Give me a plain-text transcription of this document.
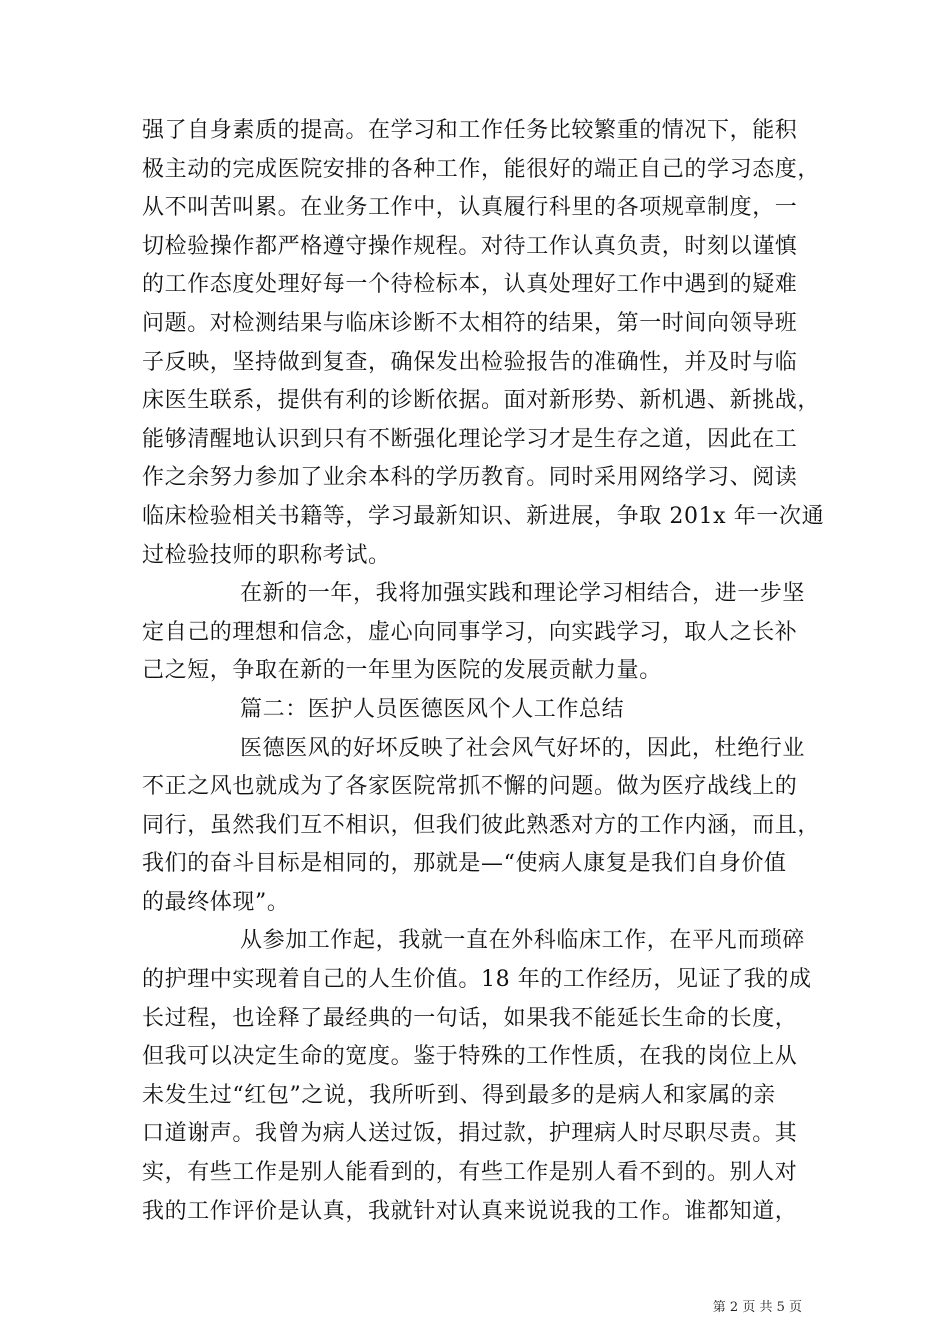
强了自身素质的提高。在学习和工作任务比较繁重的情况下，能积
极主动的完成医院安排的各种工作，能很好的端正自己的学习态度，
从不叫苦叫累。在业务工作中，认真履行科里的各项规章制度，一
切检验操作都严格遵守操作规程。对待工作认真负责，时刻以谨慎
的工作态度处理好每一个待检标本，认真处理好工作中遇到的疑难
问题。对检测结果与临床诊断不太相符的结果，第一时间向领导班
子反映，坚持做到复查，确保发出检验报告的准确性，并及时与临
床医生联系，提供有利的诊断依据。面对新形势、新机遇、新挑战，
能够清醒地认识到只有不断强化理论学习才是生存之道，因此在工
作之余努力参加了业余本科的学历教育。同时采用网络学习、阅读
临床检验相关书籍等，学习最新知识、新进展，争取 201x 年一次通
过检验技师的职称考试。
在新的一年，我将加强实践和理论学习相结合，进一步坚
定自己的理想和信念，虚心向同事学习，向实践学习，取人之长补
己之短，争取在新的一年里为医院的发展贡献力量。
篇二：医护人员医德医风个人工作总结
医德医风的好坏反映了社会风气好坏的，因此，杜绝行业
不正之风也就成为了各家医院常抓不懈的问题。做为医疗战线上的
同行，虽然我们互不相识，但我们彼此熟悉对方的工作内涵，而且，
我们的奋斗目标是相同的，那就是—“使病人康复是我们自身价值
的最终体现”。
从参加工作起，我就一直在外科临床工作，在平凡而琐碎
的护理中实现着自己的人生价值。18 年的工作经历，见证了我的成
长过程，也诠释了最经典的一句话，如果我不能延长生命的长度，
但我可以决定生命的宽度。鉴于特殊的工作性质，在我的岗位上从
未发生过“红包”之说，我所听到、得到最多的是病人和家属的亲
口道谢声。我曾为病人送过饭，捐过款，护理病人时尽职尽责。其
实，有些工作是别人能看到的，有些工作是别人看不到的。别人对
我的工作评价是认真，我就针对认真来说说我的工作。谁都知道，
第 2 页 共 5 页
